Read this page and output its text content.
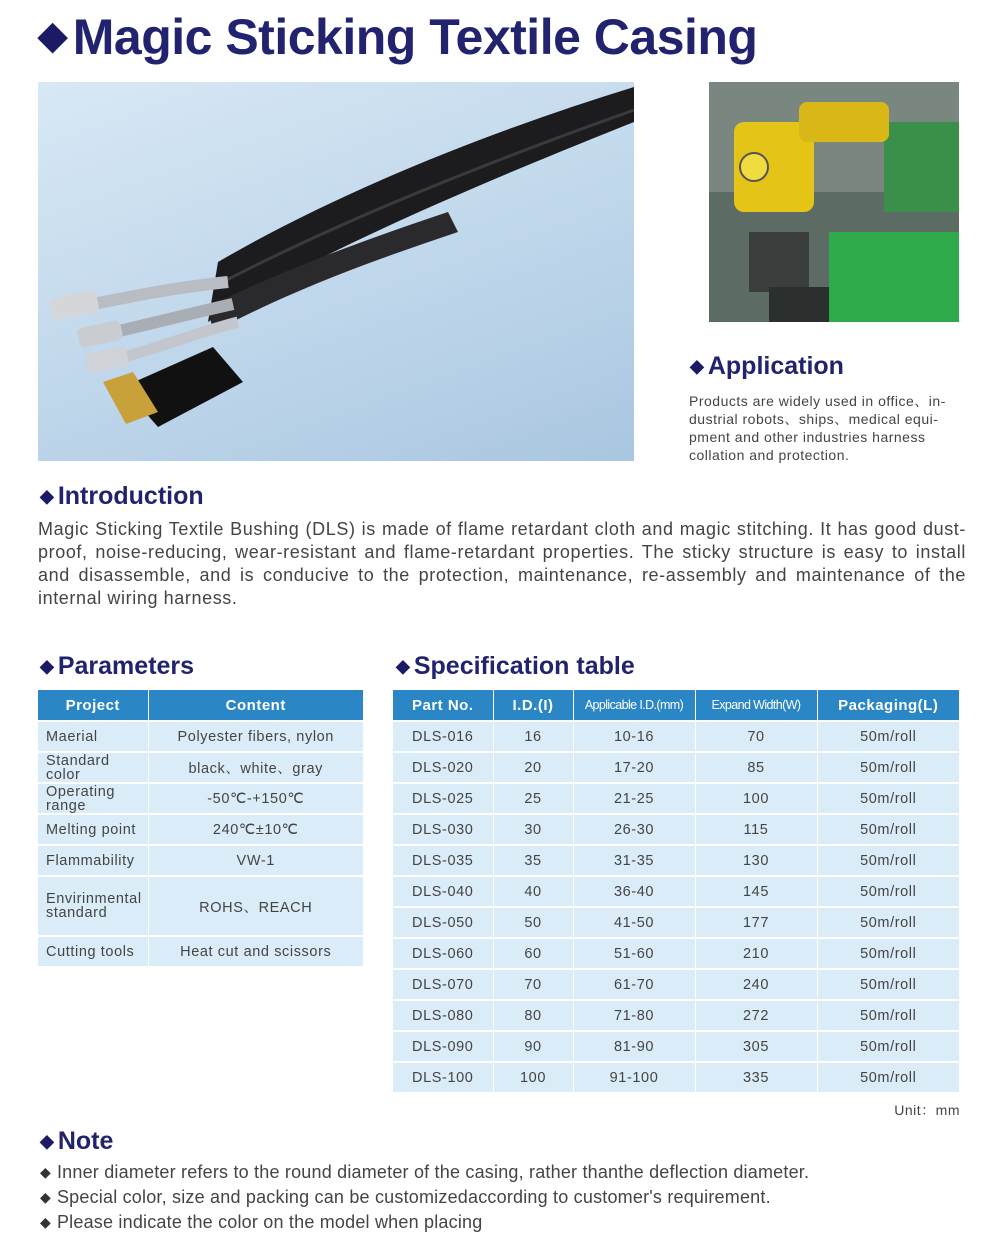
◆ Magic Sticking Textile Casing
◆ Application

Products are widely used in office、in-dustrial robots、ships、medical equi-pment and other industries harness collation and protection.

◆ Introduction

Magic Sticking Textile Bushing (DLS) is made of flame retardant cloth and magic stitching. It has good dust-proof, noise-reducing, wear-resistant and flame-retardant properties. The sticky structure is easy to install and disassemble, and is conducive to the protection, maintenance, re-assembly and maintenance of the internal wiring harness.

◆ Parameters	◆ Specification table
Project	Content
Maerial	Polyester fibers, nylon
Standard color	black、white、gray
Operating range	-50℃-+150℃
Melting point	240℃±10℃
Flammability	VW-1
Envirinmental standard	ROHS、REACH
Cutting tools	Heat cut and scissors
Part No.	I.D.(I)	Applicable I.D.(mm)	Expand Width(W)	Packaging(L)
DLS-016	16	10-16	70	50m/roll
DLS-020	20	17-20	85	50m/roll
DLS-025	25	21-25	100	50m/roll
DLS-030	30	26-30	115	50m/roll
DLS-035	35	31-35	130	50m/roll
DLS-040	40	36-40	145	50m/roll
DLS-050	50	41-50	177	50m/roll
DLS-060	60	51-60	210	50m/roll
DLS-070	70	61-70	240	50m/roll
DLS-080	80	71-80	272	50m/roll
DLS-090	90	81-90	305	50m/roll
DLS-100	100	91-100	335	50m/roll

Unit：mm

◆ Note
◆ Inner diameter refers to the round diameter of the casing, rather thanthe deflection diameter.
◆ Special color, size and packing can be customizedaccording to customer's requirement.
◆ Please indicate the color on the model when placing
